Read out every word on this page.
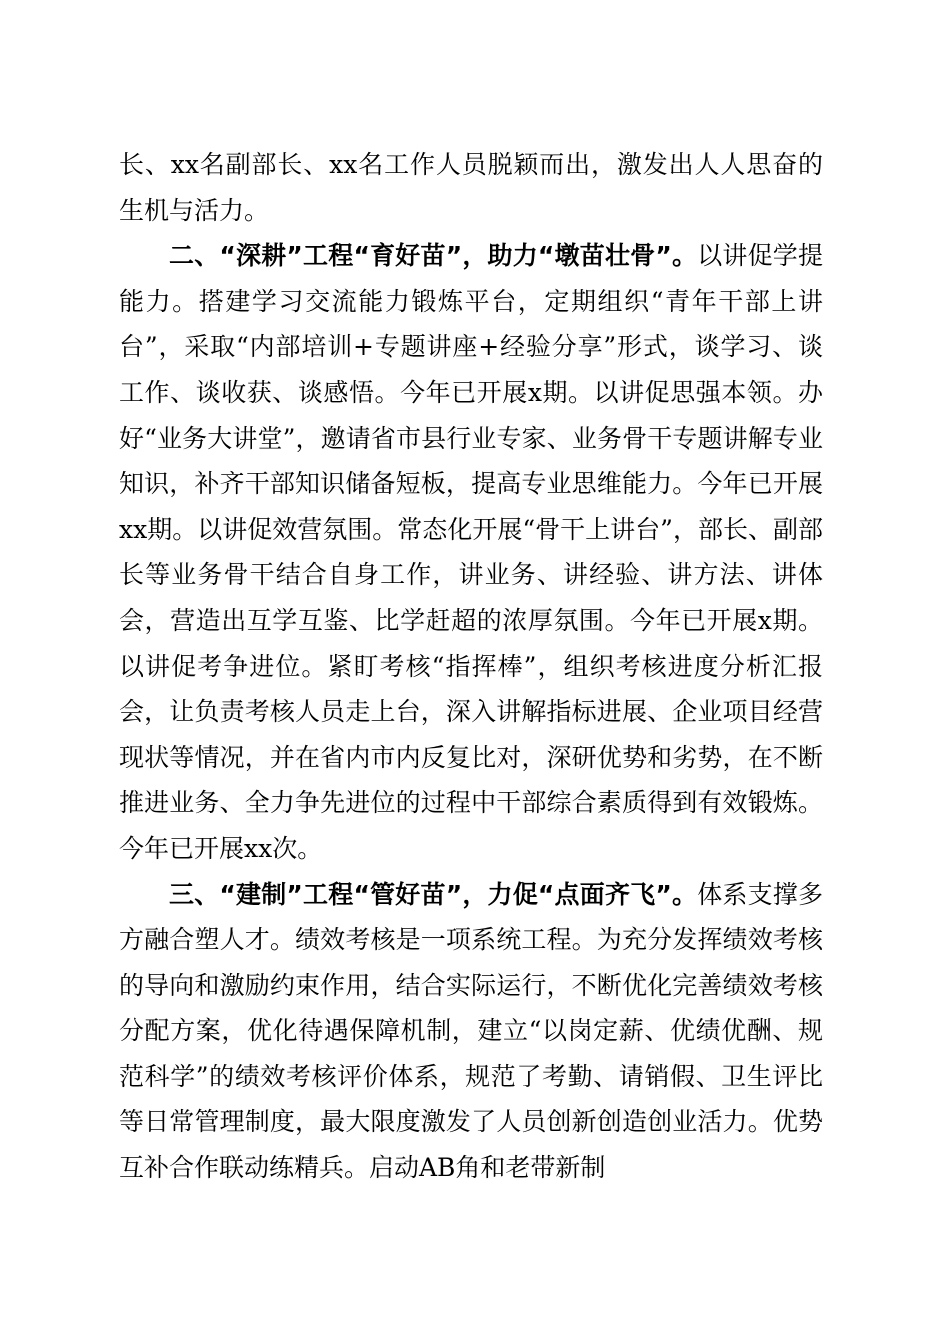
长、xx名副部长、xx名工作人员脱颖而出，激发出人人思奋的生机与活力。

二、“深耕”工程“育好苗”，助力“墩苗壮骨”。以讲促学提能力。搭建学习交流能力锻炼平台，定期组织“青年干部上讲台”，采取“内部培训+专题讲座+经验分享”形式，谈学习、谈工作、谈收获、谈感悟。今年已开展x期。以讲促思强本领。办好“业务大讲堂”，邀请省市县行业专家、业务骨干专题讲解专业知识，补齐干部知识储备短板，提高专业思维能力。今年已开展xx期。以讲促效营氛围。常态化开展“骨干上讲台”，部长、副部长等业务骨干结合自身工作，讲业务、讲经验、讲方法、讲体会，营造出互学互鉴、比学赶超的浓厚氛围。今年已开展x期。以讲促考争进位。紧盯考核“指挥棒”，组织考核进度分析汇报会，让负责考核人员走上台，深入讲解指标进展、企业项目经营现状等情况，并在省内市内反复比对，深研优势和劣势，在不断推进业务、全力争先进位的过程中干部综合素质得到有效锻炼。今年已开展xx次。

三、“建制”工程“管好苗”，力促“点面齐飞”。体系支撑多方融合塑人才。绩效考核是一项系统工程。为充分发挥绩效考核的导向和激励约束作用，结合实际运行，不断优化完善绩效考核分配方案，优化待遇保障机制，建立“以岗定薪、优绩优酬、规范科学”的绩效考核评价体系，规范了考勤、请销假、卫生评比等日常管理制度，最大限度激发了人员创新创造创业活力。优势互补合作联动练精兵。启动AB角和老带新制
